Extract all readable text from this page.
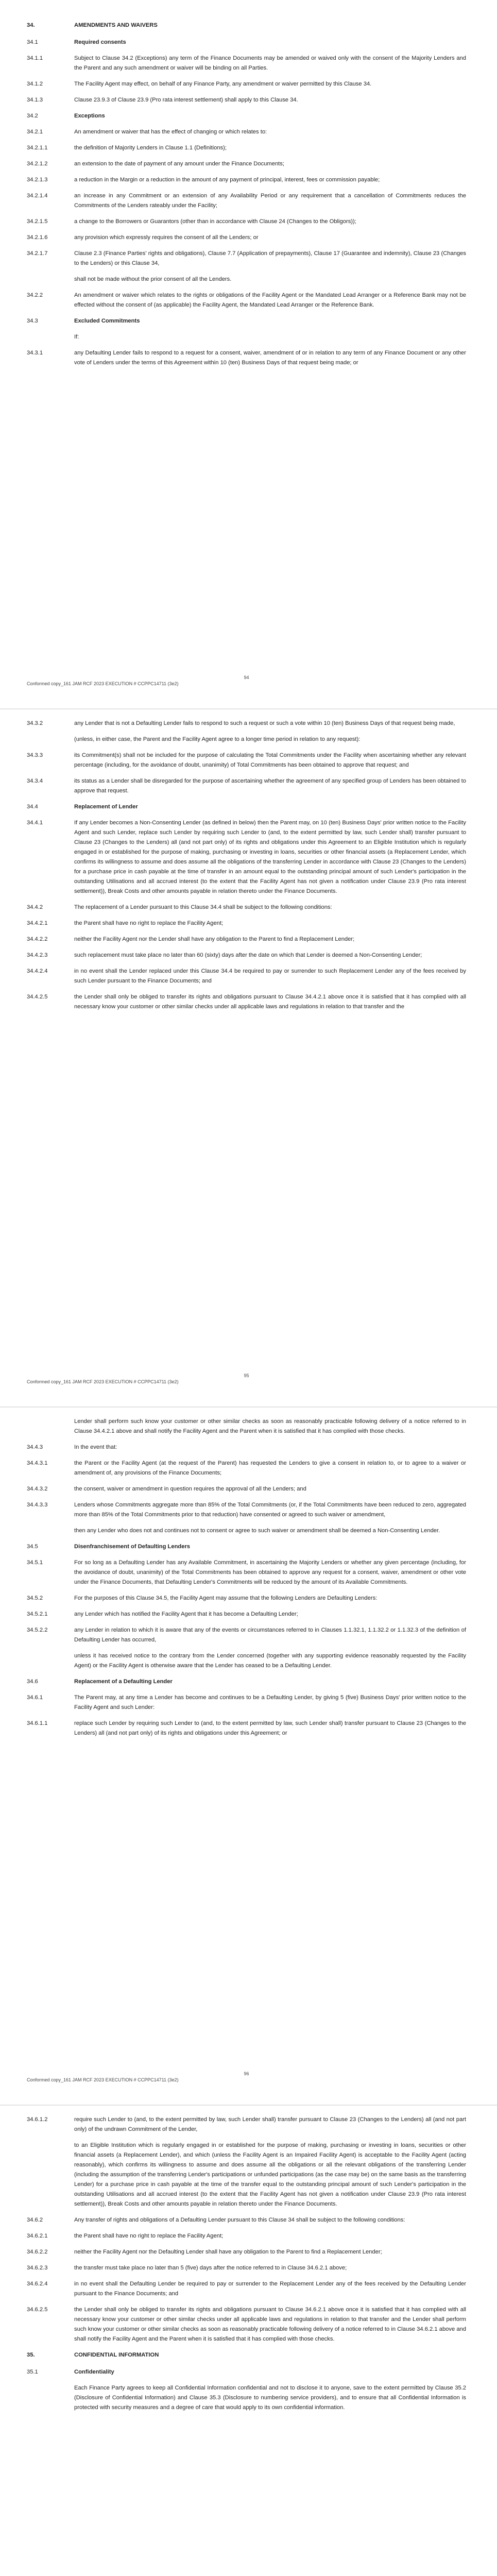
34.	AMENDMENTS AND WAIVERS
34.1	Required consents
34.1.1	Subject to Clause 34.2 (Exceptions) any term of the Finance Documents may be amended or waived only with the consent of the Majority Lenders and the Parent and any such amendment or waiver will be binding on all Parties.
34.1.2	The Facility Agent may effect, on behalf of any Finance Party, any amendment or waiver permitted by this Clause 34.
34.1.3	Clause 23.9.3 of Clause 23.9 (Pro rata interest settlement) shall apply to this Clause 34.
34.2	Exceptions
34.2.1	An amendment or waiver that has the effect of changing or which relates to:
34.2.1.1	the definition of Majority Lenders in Clause 1.1 (Definitions);
34.2.1.2	an extension to the date of payment of any amount under the Finance Documents;
34.2.1.3	a reduction in the Margin or a reduction in the amount of any payment of principal, interest, fees or commission payable;
34.2.1.4	an increase in any Commitment or an extension of any Availability Period or any requirement that a cancellation of Commitments reduces the Commitments of the Lenders rateably under the Facility;
34.2.1.5	a change to the Borrowers or Guarantors (other than in accordance with Clause 24 (Changes to the Obligors));
34.2.1.6	any provision which expressly requires the consent of all the Lenders; or
34.2.1.7	Clause 2.3 (Finance Parties' rights and obligations), Clause 7.7 (Application of prepayments), Clause 17 (Guarantee and indemnity), Clause 23 (Changes to the Lenders) or this Clause 34,
shall not be made without the prior consent of all the Lenders.
34.2.2	An amendment or waiver which relates to the rights or obligations of the Facility Agent or the Mandated Lead Arranger or a Reference Bank may not be effected without the consent of (as applicable) the Facility Agent, the Mandated Lead Arranger or the Reference Bank.
34.3	Excluded Commitments
If:
34.3.1	any Defaulting Lender fails to respond to a request for a consent, waiver, amendment of or in relation to any term of any Finance Document or any other vote of Lenders under the terms of this Agreement within 10 (ten) Business Days of that request being made; or
94
Conformed copy_161 JAM RCF 2023 EXECUTION # CCPPC14711 (3e2)
34.3.2	any Lender that is not a Defaulting Lender fails to respond to such a request or such a vote within 10 (ten) Business Days of that request being made,
(unless, in either case, the Parent and the Facility Agent agree to a longer time period in relation to any request):
34.3.3	its Commitment(s) shall not be included for the purpose of calculating the Total Commitments under the Facility when ascertaining whether any relevant percentage (including, for the avoidance of doubt, unanimity) of Total Commitments has been obtained to approve that request; and
34.3.4	its status as a Lender shall be disregarded for the purpose of ascertaining whether the agreement of any specified group of Lenders has been obtained to approve that request.
34.4	Replacement of Lender
34.4.1	If any Lender becomes a Non-Consenting Lender (as defined in below) then the Parent may, on 10 (ten) Business Days' prior written notice to the Facility Agent and such Lender, replace such Lender by requiring such Lender to (and, to the extent permitted by law, such Lender shall) transfer pursuant to Clause 23 (Changes to the Lenders) all (and not part only) of its rights and obligations under this Agreement to an Eligible Institution which is regularly engaged in or established for the purpose of making, purchasing or investing in loans, securities or other financial assets (a Replacement Lender, which confirms its willingness to assume and does assume all the obligations of the transferring Lender in accordance with Clause 23 (Changes to the Lenders) for a purchase price in cash payable at the time of transfer in an amount equal to the outstanding principal amount of such Lender's participation in the outstanding Utilisations and all accrued interest (to the extent that the Facility Agent has not given a notification under Clause 23.9 (Pro rata interest settlement)), Break Costs and other amounts payable in relation thereto under the Finance Documents.
34.4.2	The replacement of a Lender pursuant to this Clause 34.4 shall be subject to the following conditions:
34.4.2.1	the Parent shall have no right to replace the Facility Agent;
34.4.2.2	neither the Facility Agent nor the Lender shall have any obligation to the Parent to find a Replacement Lender;
34.4.2.3	such replacement must take place no later than 60 (sixty) days after the date on which that Lender is deemed a Non-Consenting Lender;
34.4.2.4	in no event shall the Lender replaced under this Clause 34.4 be required to pay or surrender to such Replacement Lender any of the fees received by such Lender pursuant to the Finance Documents; and
34.4.2.5	the Lender shall only be obliged to transfer its rights and obligations pursuant to Clause 34.4.2.1 above once it is satisfied that it has complied with all necessary know your customer or other similar checks under all applicable laws and regulations in relation to that transfer and the
95
Conformed copy_161 JAM RCF 2023 EXECUTION # CCPPC14711 (3e2)
Lender shall perform such know your customer or other similar checks as soon as reasonably practicable following delivery of a notice referred to in Clause 34.4.2.1 above and shall notify the Facility Agent and the Parent when it is satisfied that it has complied with those checks.
34.4.3	In the event that:
34.4.3.1	the Parent or the Facility Agent (at the request of the Parent) has requested the Lenders to give a consent in relation to, or to agree to a waiver or amendment of, any provisions of the Finance Documents;
34.4.3.2	the consent, waiver or amendment in question requires the approval of all the Lenders; and
34.4.3.3	Lenders whose Commitments aggregate more than 85% of the Total Commitments (or, if the Total Commitments have been reduced to zero, aggregated more than 85% of the Total Commitments prior to that reduction) have consented or agreed to such waiver or amendment,
then any Lender who does not and continues not to consent or agree to such waiver or amendment shall be deemed a Non-Consenting Lender.
34.5	Disenfranchisement of Defaulting Lenders
34.5.1	For so long as a Defaulting Lender has any Available Commitment, in ascertaining the Majority Lenders or whether any given percentage (including, for the avoidance of doubt, unanimity) of the Total Commitments has been obtained to approve any request for a consent, waiver, amendment or other vote under the Finance Documents, that Defaulting Lender's Commitments will be reduced by the amount of its Available Commitments.
34.5.2	For the purposes of this Clause 34.5, the Facility Agent may assume that the following Lenders are Defaulting Lenders:
34.5.2.1	any Lender which has notified the Facility Agent that it has become a Defaulting Lender;
34.5.2.2	any Lender in relation to which it is aware that any of the events or circumstances referred to in Clauses 1.1.32.1, 1.1.32.2 or 1.1.32.3 of the definition of Defaulting Lender has occurred,
unless it has received notice to the contrary from the Lender concerned (together with any supporting evidence reasonably requested by the Facility Agent) or the Facility Agent is otherwise aware that the Lender has ceased to be a Defaulting Lender.
34.6	Replacement of a Defaulting Lender
34.6.1	The Parent may, at any time a Lender has become and continues to be a Defaulting Lender, by giving 5 (five) Business Days' prior written notice to the Facility Agent and such Lender:
34.6.1.1	replace such Lender by requiring such Lender to (and, to the extent permitted by law, such Lender shall) transfer pursuant to Clause 23 (Changes to the Lenders) all (and not part only) of its rights and obligations under this Agreement; or
96
Conformed copy_161 JAM RCF 2023 EXECUTION # CCPPC14711 (3e2)
34.6.1.2	require such Lender to (and, to the extent permitted by law, such Lender shall) transfer pursuant to Clause 23 (Changes to the Lenders) all (and not part only) of the undrawn Commitment of the Lender,
to an Eligible Institution which is regularly engaged in or established for the purpose of making, purchasing or investing in loans, securities or other financial assets (a Replacement Lender), and which (unless the Facility Agent is an Impaired Facility Agent) is acceptable to the Facility Agent (acting reasonably), which confirms its willingness to assume and does assume all the obligations or all the relevant obligations of the transferring Lender (including the assumption of the transferring Lender's participations or unfunded participations (as the case may be) on the same basis as the transferring Lender) for a purchase price in cash payable at the time of the transfer equal to the outstanding principal amount of such Lender's participation in the outstanding Utilisations and all accrued interest (to the extent that the Facility Agent has not given a notification under Clause 23.9 (Pro rata interest settlement)), Break Costs and other amounts payable in relation thereto under the Finance Documents.
34.6.2	Any transfer of rights and obligations of a Defaulting Lender pursuant to this Clause 34 shall be subject to the following conditions:
34.6.2.1	the Parent shall have no right to replace the Facility Agent;
34.6.2.2	neither the Facility Agent nor the Defaulting Lender shall have any obligation to the Parent to find a Replacement Lender;
34.6.2.3	the transfer must take place no later than 5 (five) days after the notice referred to in Clause 34.6.2.1 above;
34.6.2.4	in no event shall the Defaulting Lender be required to pay or surrender to the Replacement Lender any of the fees received by the Defaulting Lender pursuant to the Finance Documents; and
34.6.2.5	the Lender shall only be obliged to transfer its rights and obligations pursuant to Clause 34.6.2.1 above once it is satisfied that it has complied with all necessary know your customer or other similar checks under all applicable laws and regulations in relation to that transfer and the Lender shall perform such know your customer or other similar checks as soon as reasonably practicable following delivery of a notice referred to in Clause 34.6.2.1 above and shall notify the Facility Agent and the Parent when it is satisfied that it has complied with those checks.
35.	CONFIDENTIAL INFORMATION
35.1	Confidentiality
Each Finance Party agrees to keep all Confidential Information confidential and not to disclose it to anyone, save to the extent permitted by Clause 35.2 (Disclosure of Confidential Information) and Clause 35.3 (Disclosure to numbering service providers), and to ensure that all Confidential Information is protected with security measures and a degree of care that would apply to its own confidential information.
